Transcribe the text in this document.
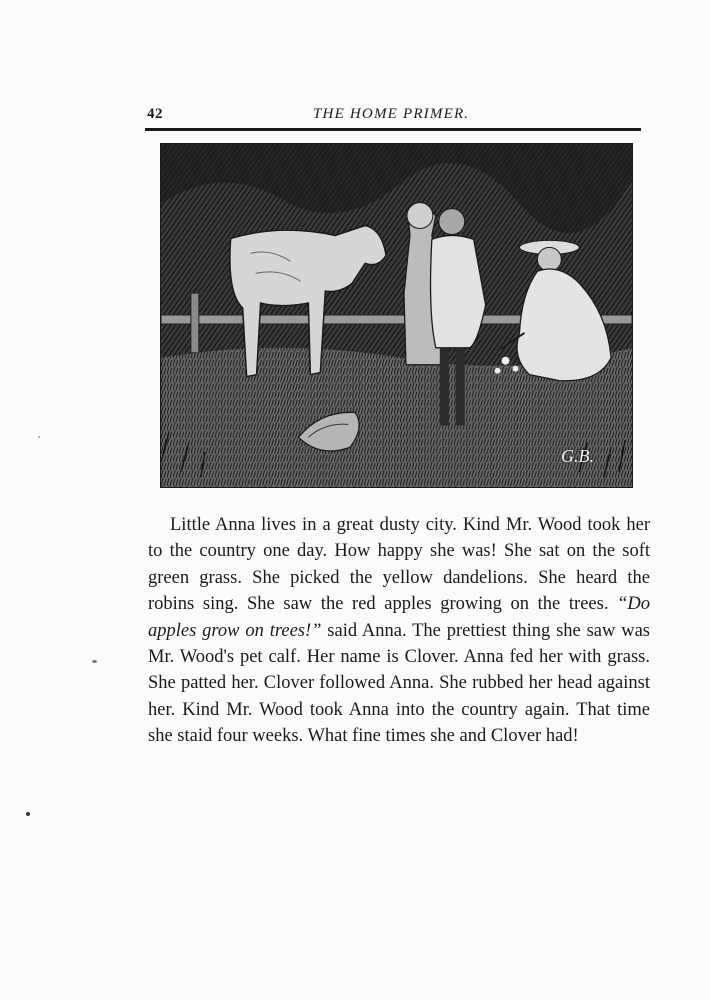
42	THE HOME PRIMER.
G.B.

Little Anna lives in a great dusty city. Kind Mr. Wood took her to the country one day. How happy she was! She sat on the soft green grass. She picked the yellow dandelions. She heard the robins sing. She saw the red apples growing on the trees. “Do apples grow on trees!” said Anna. The prettiest thing she saw was Mr. Wood's pet calf. Her name is Clover. Anna fed her with grass. She patted her. Clover followed Anna. She rubbed her head against her. Kind Mr. Wood took Anna into the country again. That time she staid four weeks. What fine times she and Clover had!
